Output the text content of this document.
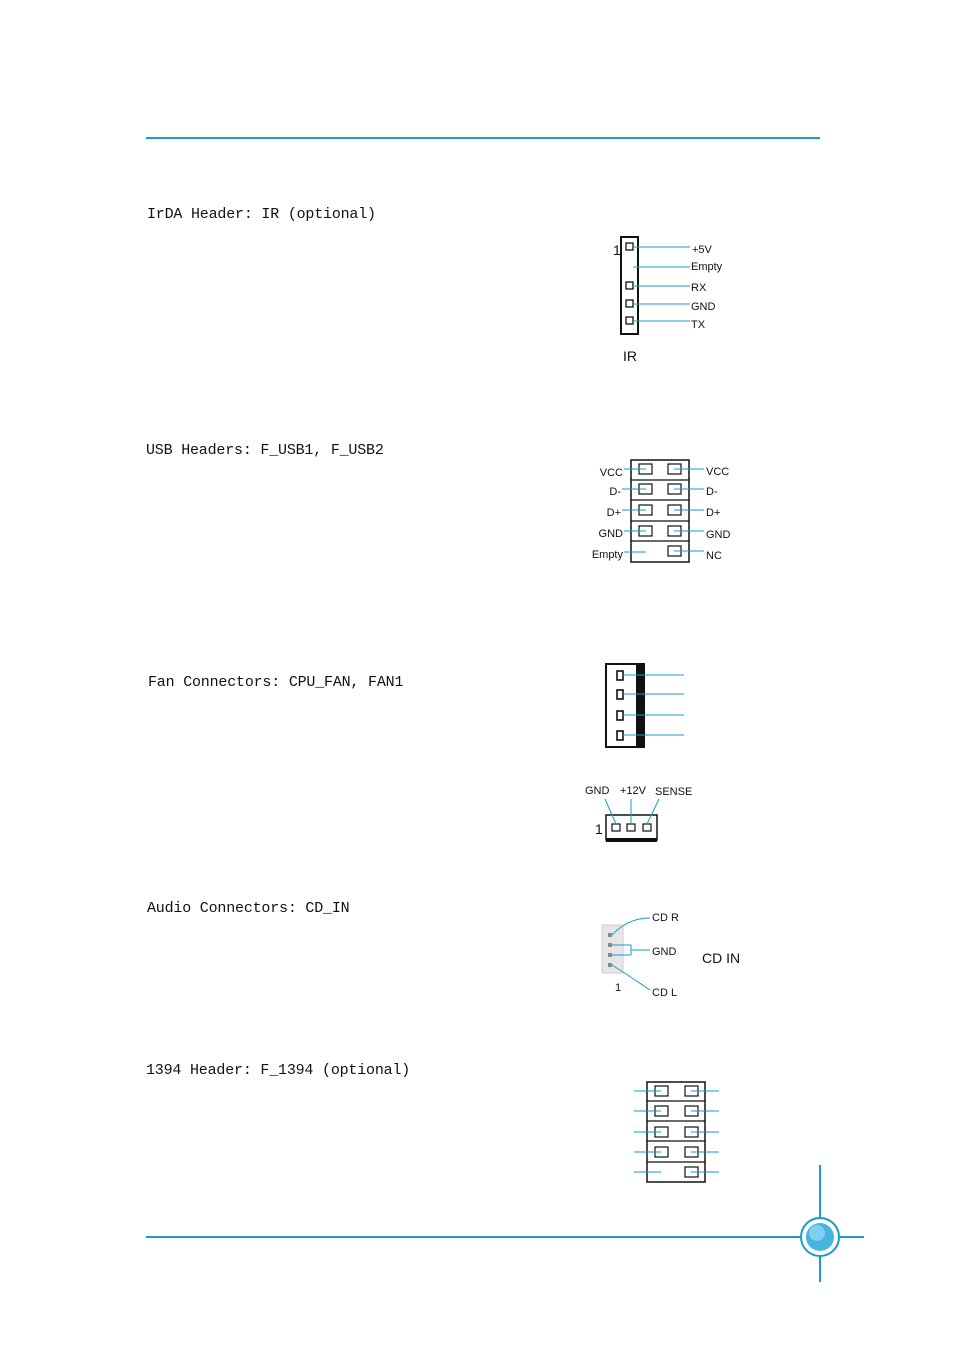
IrDA Header: IR (optional)
USB Headers: F_USB1, F_USB2
Fan Connectors: CPU_FAN, FAN1
Audio Connectors: CD_IN
1394 Header: F_1394 (optional)
1	+5V
Empty
RX
GND
TX
IR
VCC
D-
D+
GND
Empty
VCC
D-
D+
GND
NC
GND +12V SENSE
1
CD R
GND
CD L
1
CD IN
